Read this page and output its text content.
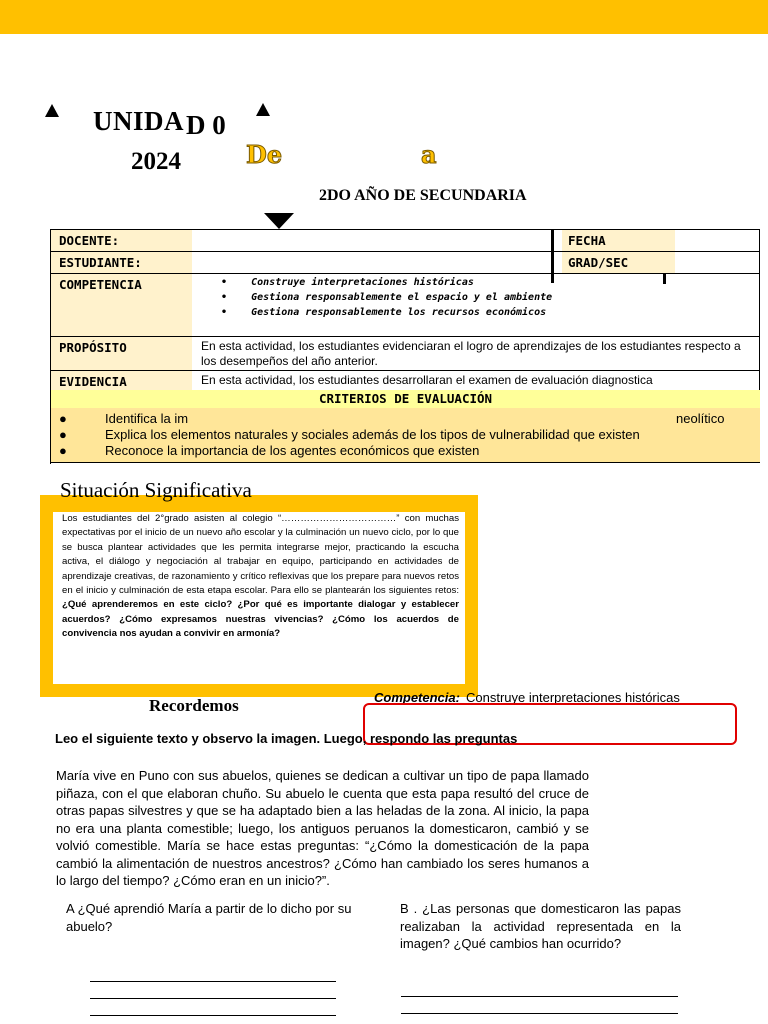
UNIDA D 0
2024	De	a
2DO AÑO DE SECUNDARIA
DOCENTE:	FECHA
ESTUDIANTE:	GRAD/SEC
COMPETENCIA	•    Construye interpretaciones históricas
•    Gestiona responsablemente el espacio y el ambiente
•    Gestiona responsablemente los recursos económicos
PROPÓSITO	En esta actividad, los estudiantes evidenciaran el logro de aprendizajes de los estudiantes respecto a los desempeños del año anterior.
EVIDENCIA	En esta actividad, los estudiantes desarrollaran el examen de evaluación diagnostica
CRITERIOS DE EVALUACIÓN
●	Identifica la im	neolítico
●	Explica los elementos naturales y sociales además de los tipos de vulnerabilidad que existen
●	Reconoce la importancia de los agentes económicos que existen
Situación Significativa
Los estudiantes del 2°grado asisten al colegio “………………………………” con muchas expectativas por el inicio de un nuevo año escolar y la culminación un nuevo ciclo, por lo que se busca plantear actividades que les permita integrarse mejor, practicando la escucha activa, el diálogo y negociación al trabajar en equipo, participando en actividades de aprendizaje creativas, de razonamiento y crítico reflexivas que los prepare para nuevos retos en el inicio y culminación de esta etapa escolar. Para ello se plantearán los siguientes retos: ¿Qué aprenderemos en este ciclo? ¿Por qué es importante dialogar y establecer acuerdos? ¿Cómo expresamos nuestras vivencias? ¿Cómo los acuerdos de convivencia nos ayudan a convivir en armonía?
Recordemos	Competencia: Construye interpretaciones históricas
Leo el siguiente texto y observo la imagen. Luego, respondo las preguntas
María vive en Puno con sus abuelos, quienes se dedican a cultivar un tipo de papa llamado piñaza, con el que elaboran chuño. Su abuelo le cuenta que esta papa resultó del cruce de otras papas silvestres y que se ha adaptado bien a las heladas de la zona. Al inicio, la papa no era una planta comestible; luego, los antiguos peruanos la domesticaron, cambió y se volvió comestible. María se hace estas preguntas: “¿Cómo la domesticación de la papa cambió la alimentación de nuestros ancestros? ¿Cómo han cambiado los seres humanos a lo largo del tiempo? ¿Cómo eran en un inicio?”.
A ¿Qué aprendió María a partir de lo dicho por su abuelo?
B . ¿Las personas que domesticaron las papas realizaban la actividad representada en la imagen? ¿Qué cambios han ocurrido?
